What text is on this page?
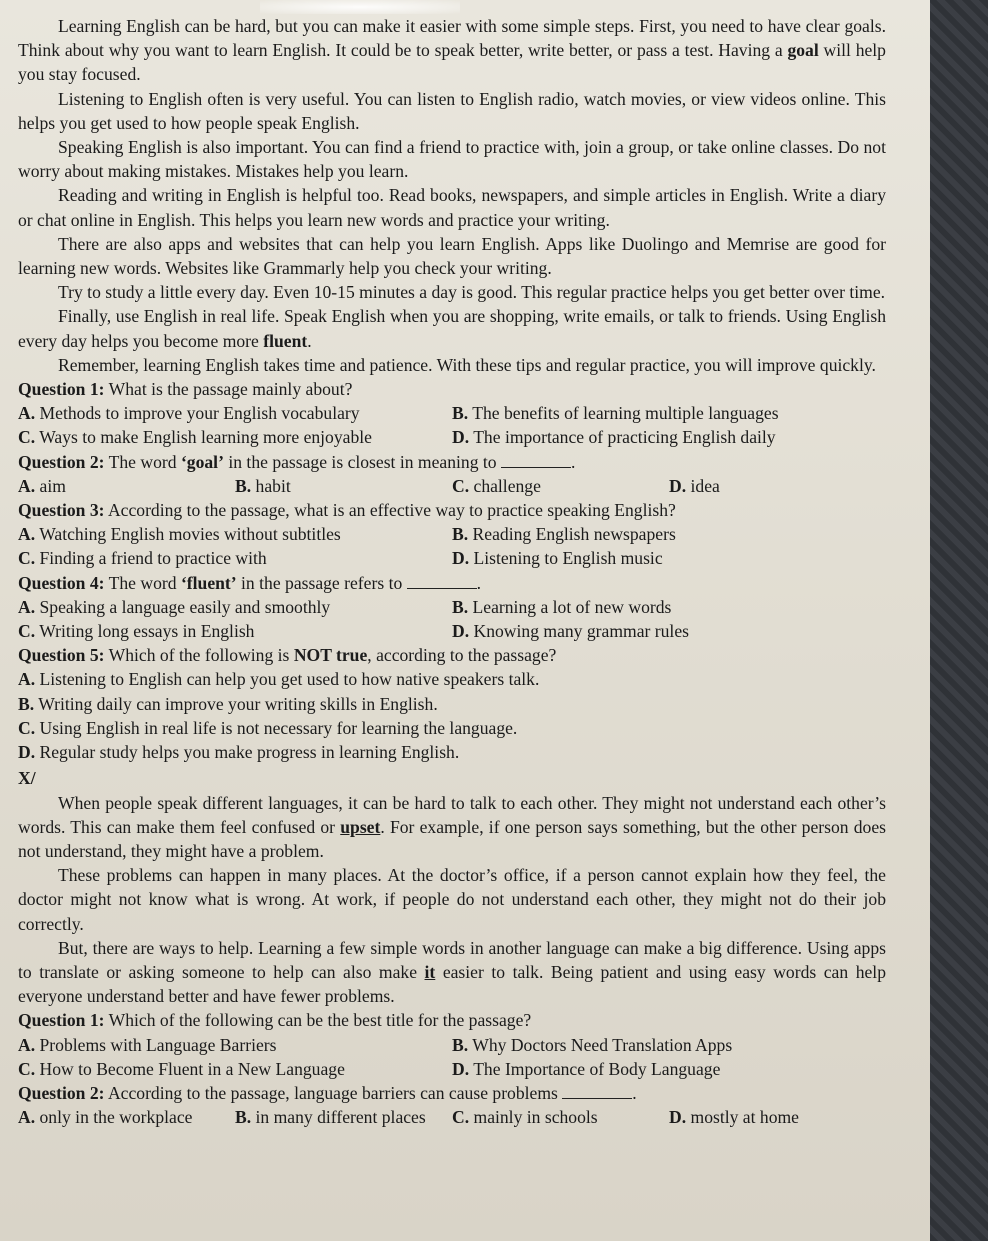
Learning English can be hard, but you can make it easier with some simple steps. First, you need to have clear goals. Think about why you want to learn English. It could be to speak better, write better, or pass a test. Having a goal will help you stay focused.

Listening to English often is very useful. You can listen to English radio, watch movies, or view videos online. This helps you get used to how people speak English.

Speaking English is also important. You can find a friend to practice with, join a group, or take online classes. Do not worry about making mistakes. Mistakes help you learn.

Reading and writing in English is helpful too. Read books, newspapers, and simple articles in English. Write a diary or chat online in English. This helps you learn new words and practice your writing.

There are also apps and websites that can help you learn English. Apps like Duolingo and Memrise are good for learning new words. Websites like Grammarly help you check your writing.

Try to study a little every day. Even 10-15 minutes a day is good. This regular practice helps you get better over time.

Finally, use English in real life. Speak English when you are shopping, write emails, or talk to friends. Using English every day helps you become more fluent.

Remember, learning English takes time and patience. With these tips and regular practice, you will improve quickly.

Question 1: What is the passage mainly about?

A. Methods to improve your English vocabulary	B. The benefits of learning multiple languages
C. Ways to make English learning more enjoyable	D. The importance of practicing English daily

Question 2: The word ‘goal’ in the passage is closest in meaning to	.

A. aim	B. habit	C. challenge	D. idea

Question 3: According to the passage, what is an effective way to practice speaking English?

A. Watching English movies without subtitles	B. Reading English newspapers
C. Finding a friend to practice with	D. Listening to English music

Question 4: The word ‘fluent’ in the passage refers to	.

A. Speaking a language easily and smoothly	B. Learning a lot of new words
C. Writing long essays in English	D. Knowing many grammar rules

Question 5: Which of the following is NOT true, according to the passage?

A. Listening to English can help you get used to how native speakers talk.
B. Writing daily can improve your writing skills in English.
C. Using English in real life is not necessary for learning the language.
D. Regular study helps you make progress in learning English.

X/

When people speak different languages, it can be hard to talk to each other. They might not understand each other’s words. This can make them feel confused or upset. For example, if one person says something, but the other person does not understand, they might have a problem.

These problems can happen in many places. At the doctor’s office, if a person cannot explain how they feel, the doctor might not know what is wrong. At work, if people do not understand each other, they might not do their job correctly.

But, there are ways to help. Learning a few simple words in another language can make a big difference. Using apps to translate or asking someone to help can also make it easier to talk. Being patient and using easy words can help everyone understand better and have fewer problems.

Question 1: Which of the following can be the best title for the passage?

A. Problems with Language Barriers	B. Why Doctors Need Translation Apps
C. How to Become Fluent in a New Language	D. The Importance of Body Language

Question 2: According to the passage, language barriers can cause problems	.

A. only in the workplace	B. in many different places	C. mainly in schools	D. mostly at home
